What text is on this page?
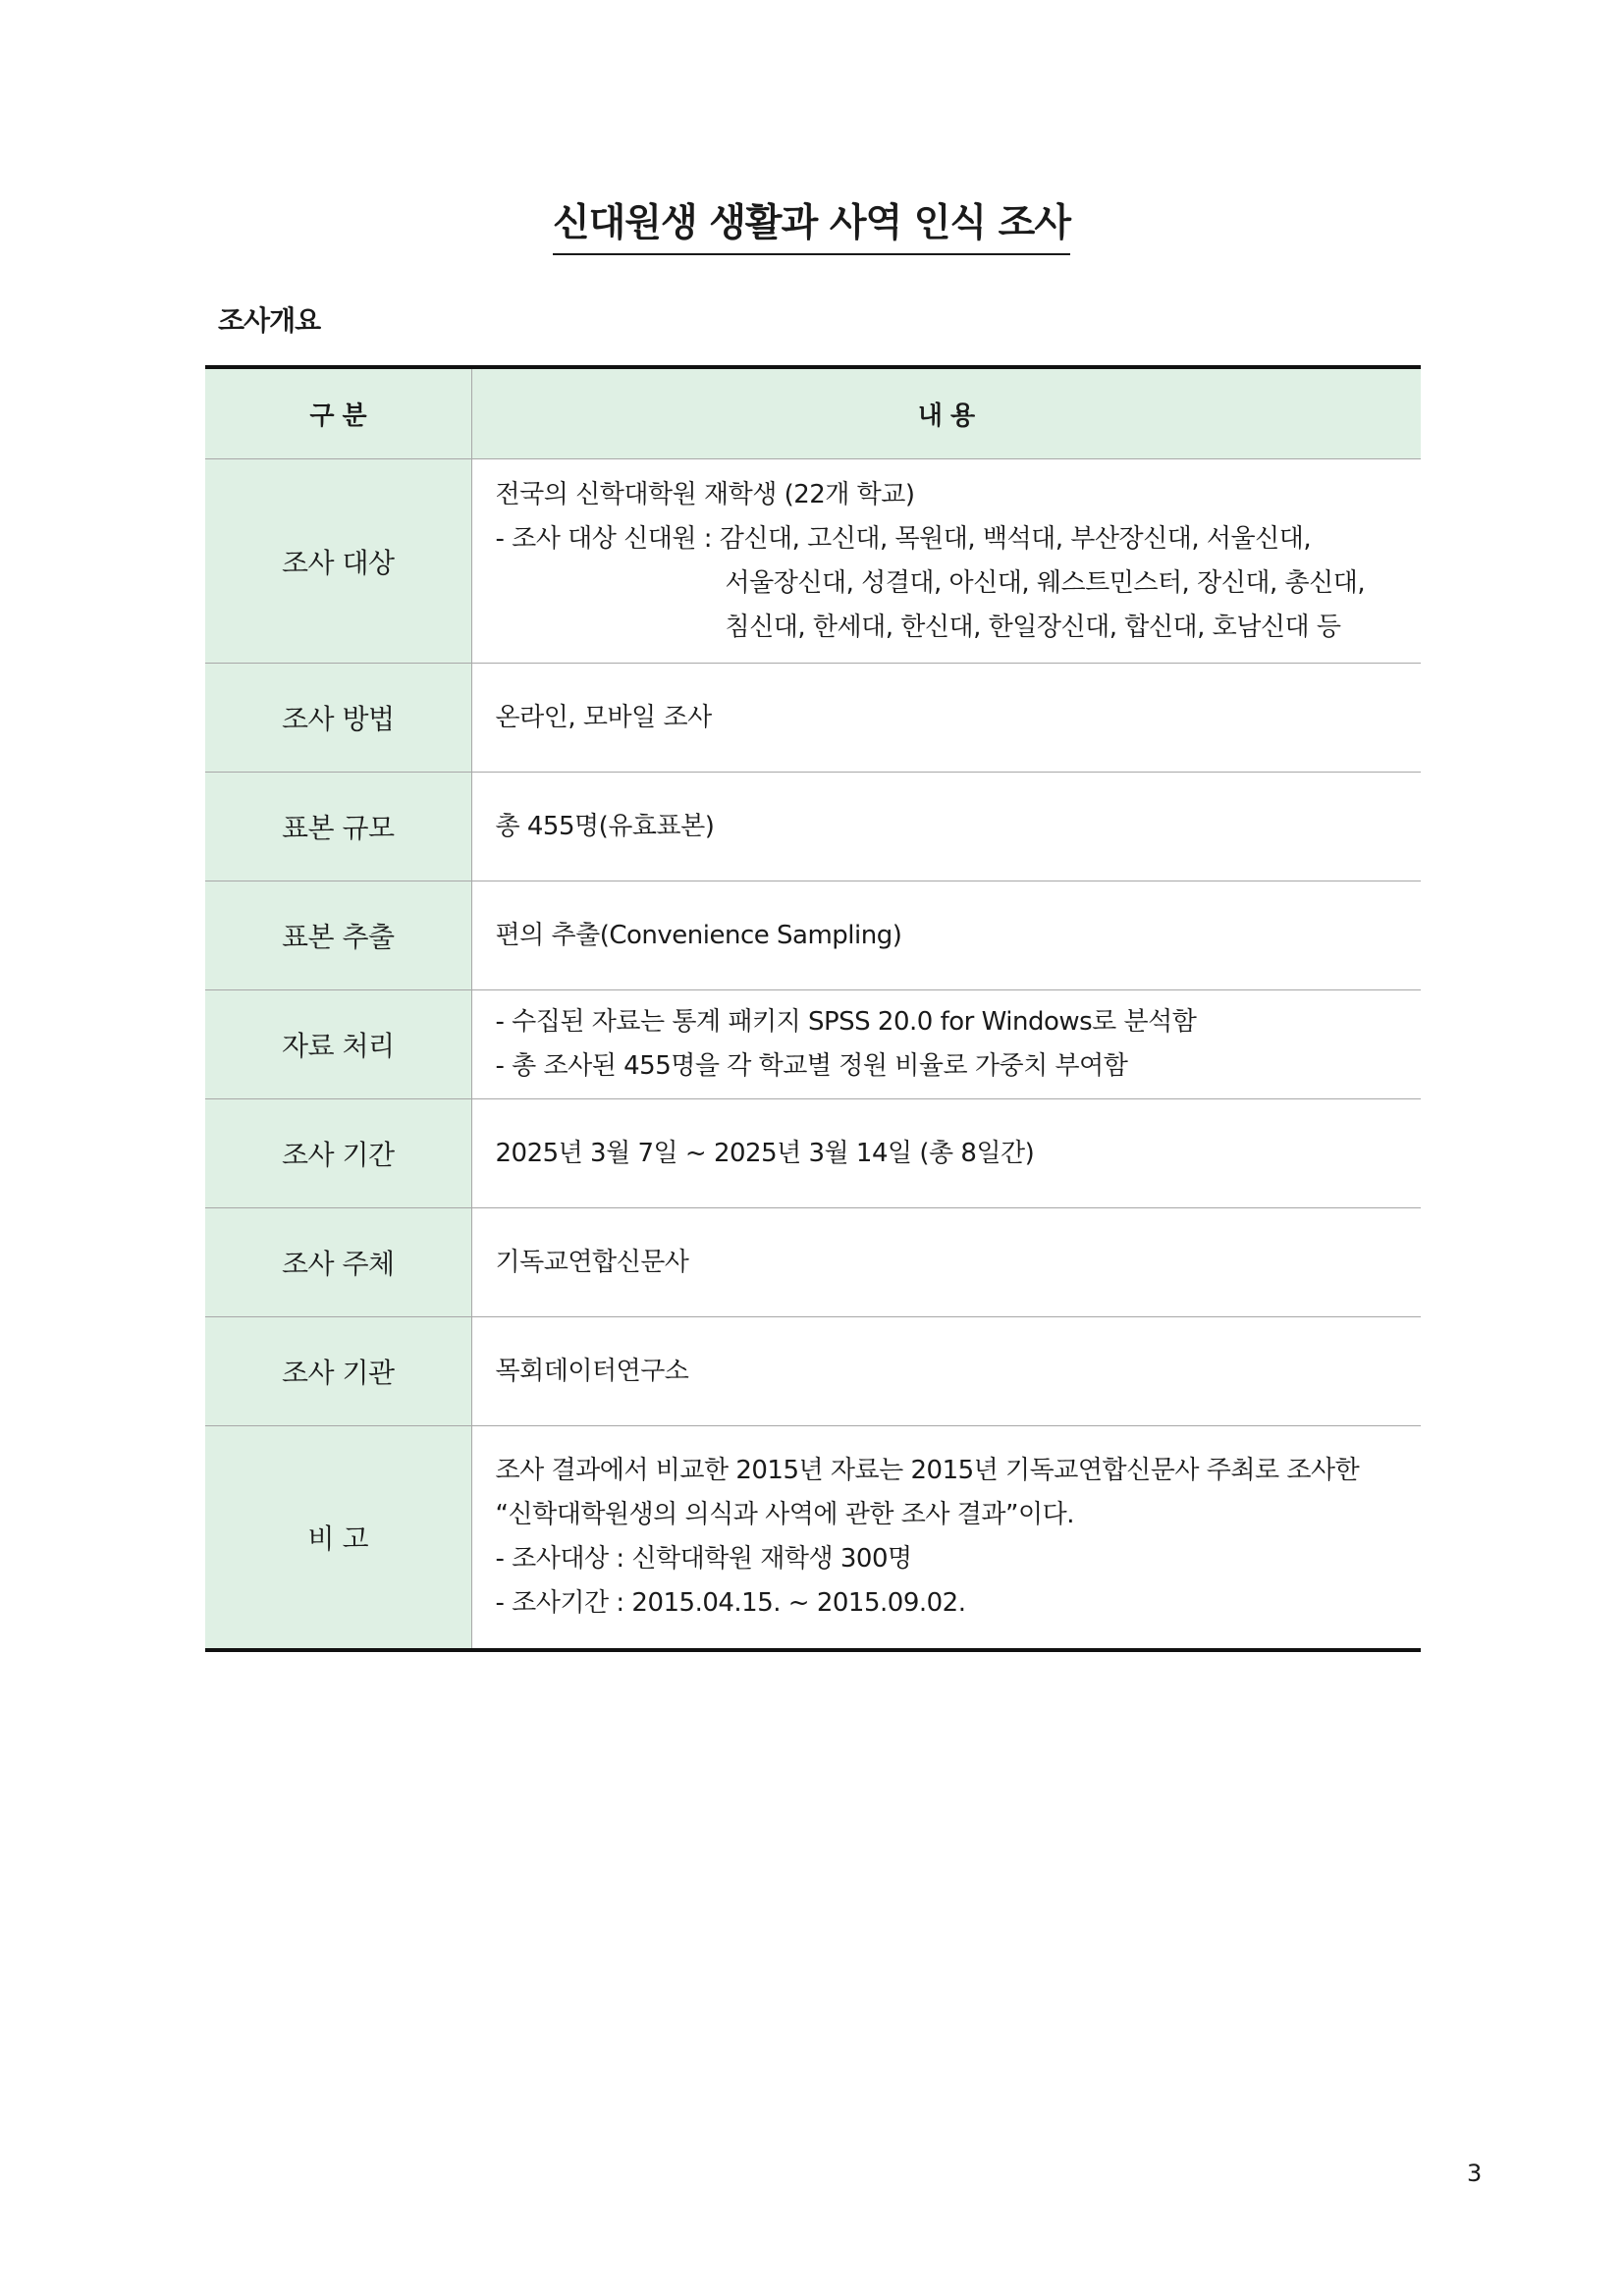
신대원생 생활과 사역 인식 조사
조사개요
구 분	내 용
조사 대상	전국의 신학대학원 재학생 (22개 학교)
- 조사 대상 신대원 : 감신대, 고신대, 목원대, 백석대, 부산장신대, 서울신대,
서울장신대, 성결대, 아신대, 웨스트민스터, 장신대, 총신대,
침신대, 한세대, 한신대, 한일장신대, 합신대, 호남신대 등

조사 방법	온라인, 모바일 조사

표본 규모	총 455명(유효표본)

표본 추출	편의 추출(Convenience Sampling)

자료 처리	- 수집된 자료는 통계 패키지 SPSS 20.0 for Windows로 분석함
- 총 조사된 455명을 각 학교별 정원 비율로 가중치 부여함

조사 기간	2025년 3월 7일 ~ 2025년 3월 14일 (총 8일간)

조사 주체	기독교연합신문사

조사 기관	목회데이터연구소

비 고	조사 결과에서 비교한 2015년 자료는 2015년 기독교연합신문사 주최로 조사한
“신학대학원생의 의식과 사역에 관한 조사 결과”이다.
- 조사대상 : 신학대학원 재학생 300명
- 조사기간 : 2015.04.15. ~ 2015.09.02.
3
